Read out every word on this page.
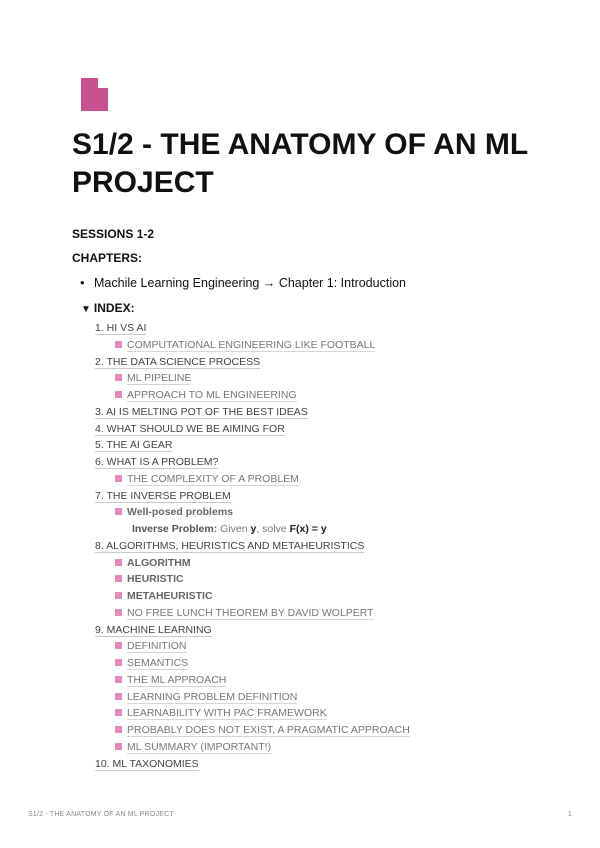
S1/2 - THE ANATOMY OF AN ML PROJECT
SESSIONS 1-2
CHAPTERS:
• Machile Learning Engineering → Chapter 1: Introduction
▼ INDEX:
1. HI VS AI
COMPUTATIONAL ENGINEERING LIKE FOOTBALL
2. THE DATA SCIENCE PROCESS
ML PIPELINE
APPROACH TO ML ENGINEERING
3. AI IS MELTING POT OF THE BEST IDEAS
4. WHAT SHOULD WE BE AIMING FOR
5. THE AI GEAR
6. WHAT IS A PROBLEM?
THE COMPLEXITY OF A PROBLEM
7. THE INVERSE PROBLEM
Well-posed problems
Inverse Problem: Given y, solve F(x) = y
8. ALGORITHMS, HEURISTICS AND METAHEURISTICS
ALGORITHM
HEURISTIC
METAHEURISTIC
NO FREE LUNCH THEOREM BY DAVID WOLPERT
9. MACHINE LEARNING
DEFINITION
SEMANTICS
THE ML APPROACH
LEARNING PROBLEM DEFINITION
LEARNABILITY WITH PAC FRAMEWORK
PROBABLY DOES NOT EXIST, A PRAGMATIC APPROACH
ML SUMMARY (IMPORTANT!)
10. ML TAXONOMIES
S1/2 - THE ANATOMY OF AN ML PROJECT	1
